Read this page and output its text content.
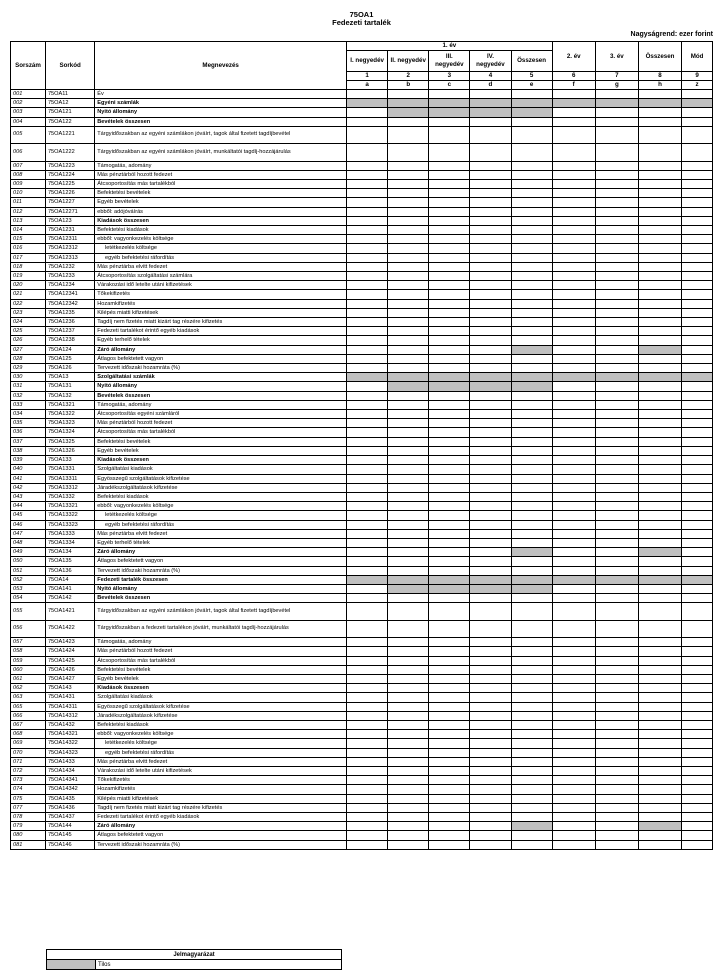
75OA1
Fedezeti tartalék
Nagyságrend: ezer forint
Sorszám	Sorkód	Megnevezés	1. év					2. év	3. év	Összesen	Mód
			I. negyedév	II. negyedév	III. negyedév	IV. negyedév	Összesen				
			1	2	3	4	5	6	7	8	9
			a	b	c	d	e	f	g	h	z
001	75OA11	Év									
002	75OA12	Egyéni számlák									
003	75OA121	Nyitó állomány									
004	75OA122	Bevételek összesen									
005	75OA1221	Tárgyidőszakban az egyéni számlákon jóváírt, tagok által fizetett tagdíjbevétel									
006	75OA1222	Tárgyidőszakban az egyéni számlákon jóváírt, munkáltatói tagdíj-hozzájárulás									
007	75OA1223	Támogatás, adomány									
008	75OA1224	Más pénztárból hozott fedezet									
009	75OA1225	Átcsoportosítás más tartalékból									
010	75OA1226	Befektetési bevételek									
011	75OA1227	Egyéb bevételek									
012	75OA12271	ebből: adójóváírás									
013	75OA123	Kiadások összesen									
014	75OA1231	Befektetési kiadások									
015	75OA12311	ebből: vagyonkezelés költsége									
016	75OA12312	letétkezelés költsége									
017	75OA12313	egyéb befektetési ráfordítás									
018	75OA1232	Más pénztárba elvitt fedezet									
019	75OA1233	Átcsoportosítás szolgáltatási számlára									
020	75OA1234	Várakozási idő letelte utáni kifizetések									
021	75OA12341	Tőkekifizetés									
022	75OA12342	Hozamkifizetés									
023	75OA1235	Kilépés miatti kifizetések									
024	75OA1236	Tagdíj nem fizetés miatt kizárt tag részére kifizetés									
025	75OA1237	Fedezeti tartalékot érintő egyéb kiadások									
026	75OA1238	Egyéb terhelő tételek									
027	75OA124	Záró állomány									
028	75OA125	Átlagos befektetett vagyon									
029	75OA126	Tervezett időszaki hozamráta (%)									
030	75OA13	Szolgáltatási számlák									
031	75OA131	Nyitó állomány									
032	75OA132	Bevételek összesen									
033	75OA1321	Támogatás, adomány									
034	75OA1322	Átcsoportosítás egyéni számláról									
035	75OA1323	Más pénztárból hozott fedezet									
036	75OA1324	Átcsoportosítás más tartalékból									
037	75OA1325	Befektetési bevételek									
038	75OA1326	Egyéb bevételek									
039	75OA133	Kiadások összesen									
040	75OA1331	Szolgáltatási kiadások									
041	75OA13311	Egyösszegű szolgáltatások kifizetése									
042	75OA13312	Járadékszolgáltatások kifizetése									
043	75OA1332	Befektetési kiadások									
044	75OA13321	ebből: vagyonkezelés költsége									
045	75OA13322	letétkezelés költsége									
046	75OA13323	egyéb befektetési ráfordítás									
047	75OA1333	Más pénztárba elvitt fedezet									
048	75OA1334	Egyéb terhelő tételek									
049	75OA134	Záró állomány									
050	75OA135	Átlagos befektetett vagyon									
051	75OA136	Tervezett időszaki hozamráta (%)									
052	75OA14	Fedezeti tartalék összesen									
053	75OA141	Nyitó állomány									
054	75OA142	Bevételek összesen									
055	75OA1421	Tárgyidőszakban az egyéni számlákon jóváírt, tagok által fizetett tagdíjbevétel									
056	75OA1422	Tárgyidőszakban a fedezeti tartalékon jóváírt, munkáltatói tagdíj-hozzájárulás									
057	75OA1423	Támogatás, adomány									
058	75OA1424	Más pénztárból hozott fedezet									
059	75OA1425	Átcsoportosítás más tartalékból									
060	75OA1426	Befektetési bevételek									
061	75OA1427	Egyéb bevételek									
062	75OA143	Kiadások összesen									
063	75OA1431	Szolgáltatási kiadások									
065	75OA14311	Egyösszegű szolgáltatások kifizetése									
066	75OA14312	Járadékszolgáltatások kifizetése									
067	75OA1432	Befektetési kiadások									
068	75OA14321	ebből: vagyonkezelés költsége									
069	75OA14322	letétkezelés költsége									
070	75OA14323	egyéb befektetési ráfordítás									
071	75OA1433	Más pénztárba elvitt fedezet									
072	75OA1434	Várakozási idő letelte utáni kifizetések									
073	75OA14341	Tőkekifizetés									
074	75OA14342	Hozamkifizetés									
075	75OA1435	Kilépés miatti kifizetések									
077	75OA1436	Tagdíj nem fizetés miatt kizárt tag részére kifizetés									
078	75OA1437	Fedezeti tartalékot érintő egyéb kiadások									
079	75OA144	Záró állomány									
080	75OA145	Átlagos befektetett vagyon									
081	75OA146	Tervezett időszaki hozamráta (%)									
Jelmagyarázat
	Tilos
